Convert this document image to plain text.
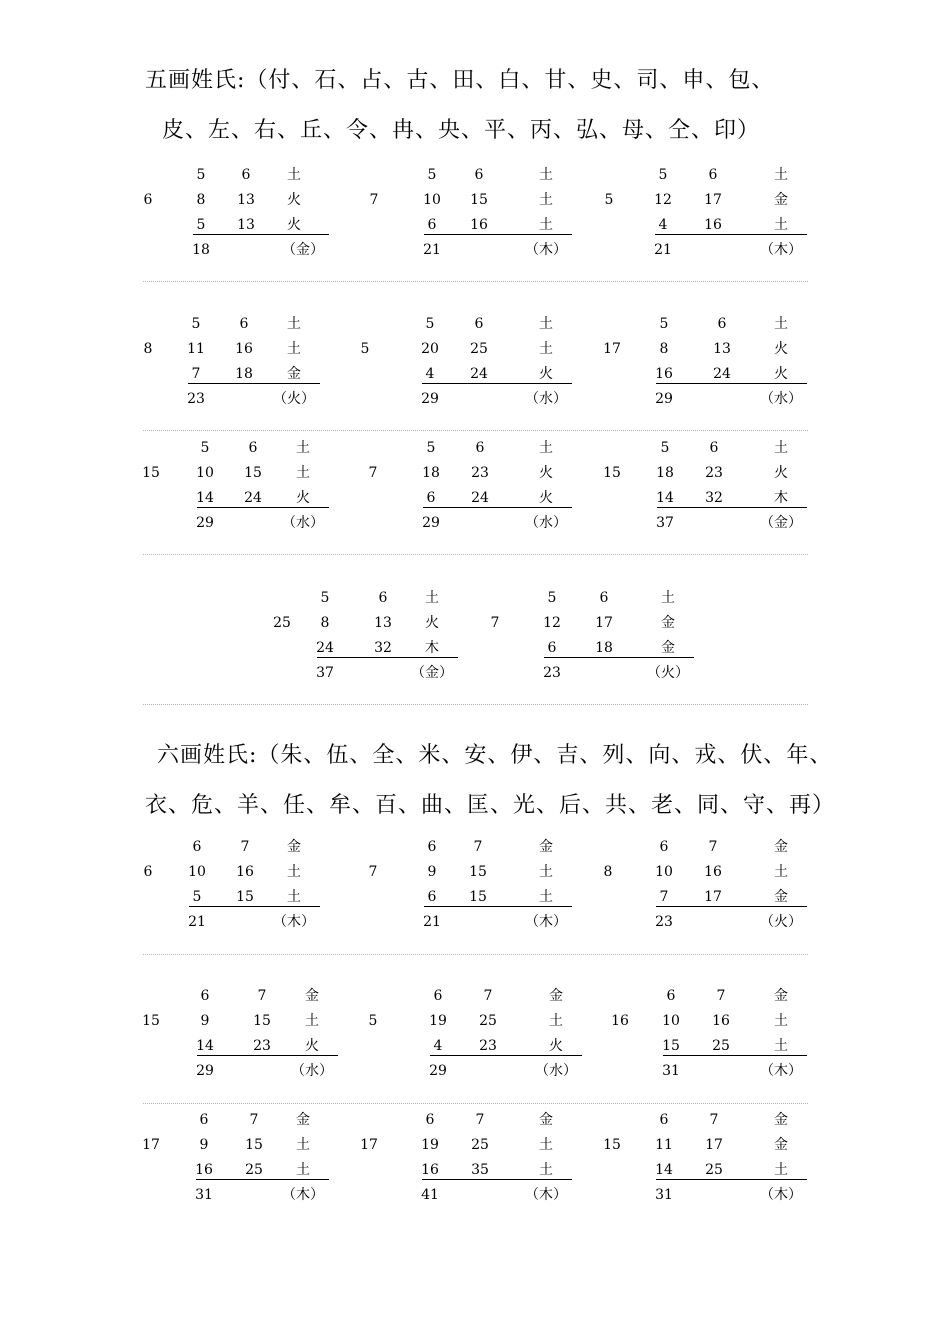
五画姓氏:（付、石、占、古、田、白、甘、史、司、申、包、
皮、左、右、丘、令、冉、央、平、丙、弘、母、仝、印）
六画姓氏:（朱、伍、全、米、安、伊、吉、列、向、戎、伏、年、
衣、危、羊、任、牟、百、曲、匡、光、后、共、老、同、守、再）
6
5	6	土
8	13	火
5	13	火
18	（金）
7
5	6	土
10	15	土
6	16	土
21	（木）
5
5	6	土
12	17	金
4	16	土
21	（木）
8
5	6	土
11	16	土
7	18	金
23	（火）
5
5	6	土
20	25	土
4	24	火
29	（水）
17
5	6	土
8	13	火
16	24	火
29	（水）
15
5	6	土
10	15	土
14	24	火
29	（水）
7
5	6	土
18	23	火
6	24	火
29	（水）
15
5	6	土
18	23	火
14	32	木
37	（金）
25
5	6	土
8	13	火
24	32	木
37	（金）
7
5	6	土
12	17	金
6	18	金
23	（火）
6
6	7	金
10	16	土
5	15	土
21	（木）
7
6	7	金
9	15	土
6	15	土
21	（木）
8
6	7	金
10	16	土
7	17	金
23	（火）
15
6	7	金
9	15	土
14	23	火
29	（水）
5
6	7	金
19	25	土
4	23	火
29	（水）
16
6	7	金
10	16	土
15	25	土
31	（木）
17
6	7	金
9	15	土
16	25	土
31	（木）
17
6	7	金
19	25	土
16	35	土
41	（木）
15
6	7	金
11	17	金
14	25	土
31	（木）
